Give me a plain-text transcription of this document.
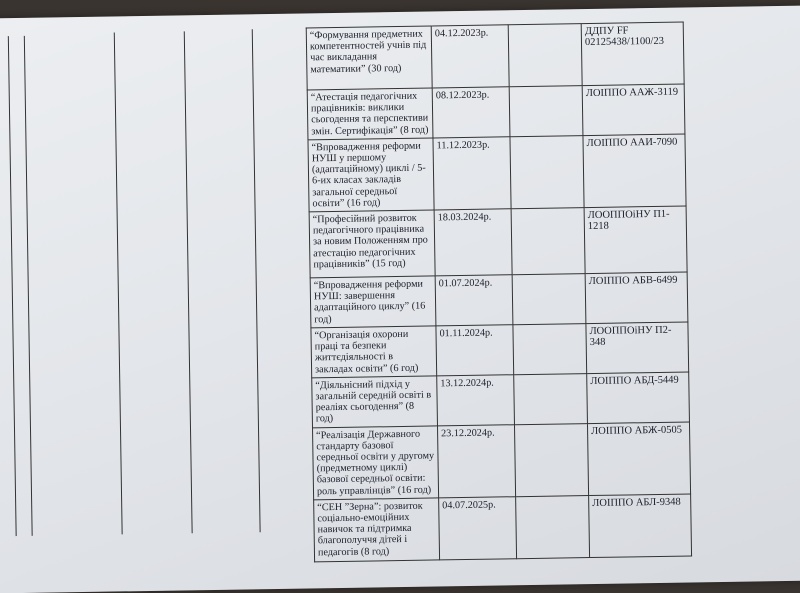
“Формування предметних компетентностей учнів під час викладання математики” (30 год)	04.12.2023р.		ДДПУ FF 02125438/1100/23
“Атестація педагогічних працівників: виклики сьогодення та перспективи змін. Сертифікація” (8 год)	08.12.2023р.		ЛОІППО ААЖ-3119
“Впровадження реформи НУШ у першому (адаптаційному) циклі / 5-6-их класах закладів загальної середньої освіти” (16 год)	11.12.2023р.		ЛОІППО ААИ-7090
“Професійний розвиток педагогічного працівника за новим Положенням про атестацію педагогічних працівників” (15 год)	18.03.2024р.		ЛООППОіНУ П1-1218
“Впровадження реформи НУШ: завершення адаптаційного циклу” (16 год)	01.07.2024р.		ЛОІППО АБВ-6499
“Організація охорони праці та безпеки життєдіяльності в закладах освіти” (6 год)	01.11.2024р.		ЛООППОіНУ П2-348
“Діяльнісний підхід у загальній середній освіті в реаліях сьогодення” (8 год)	13.12.2024р.		ЛОІППО АБД-5449
“Реалізація Державного стандарту базової середньої освіти у другому (предметному циклі) базової середньої освіти: роль управлінців” (16 год)	23.12.2024р.		ЛОІППО АБЖ-0505
“СЕН ”Зерна”: розвиток соціально-емоційних навичок та підтримка благополуччя дітей і педагогів (8 год)	04.07.2025р.		ЛОІППО АБЛ-9348
